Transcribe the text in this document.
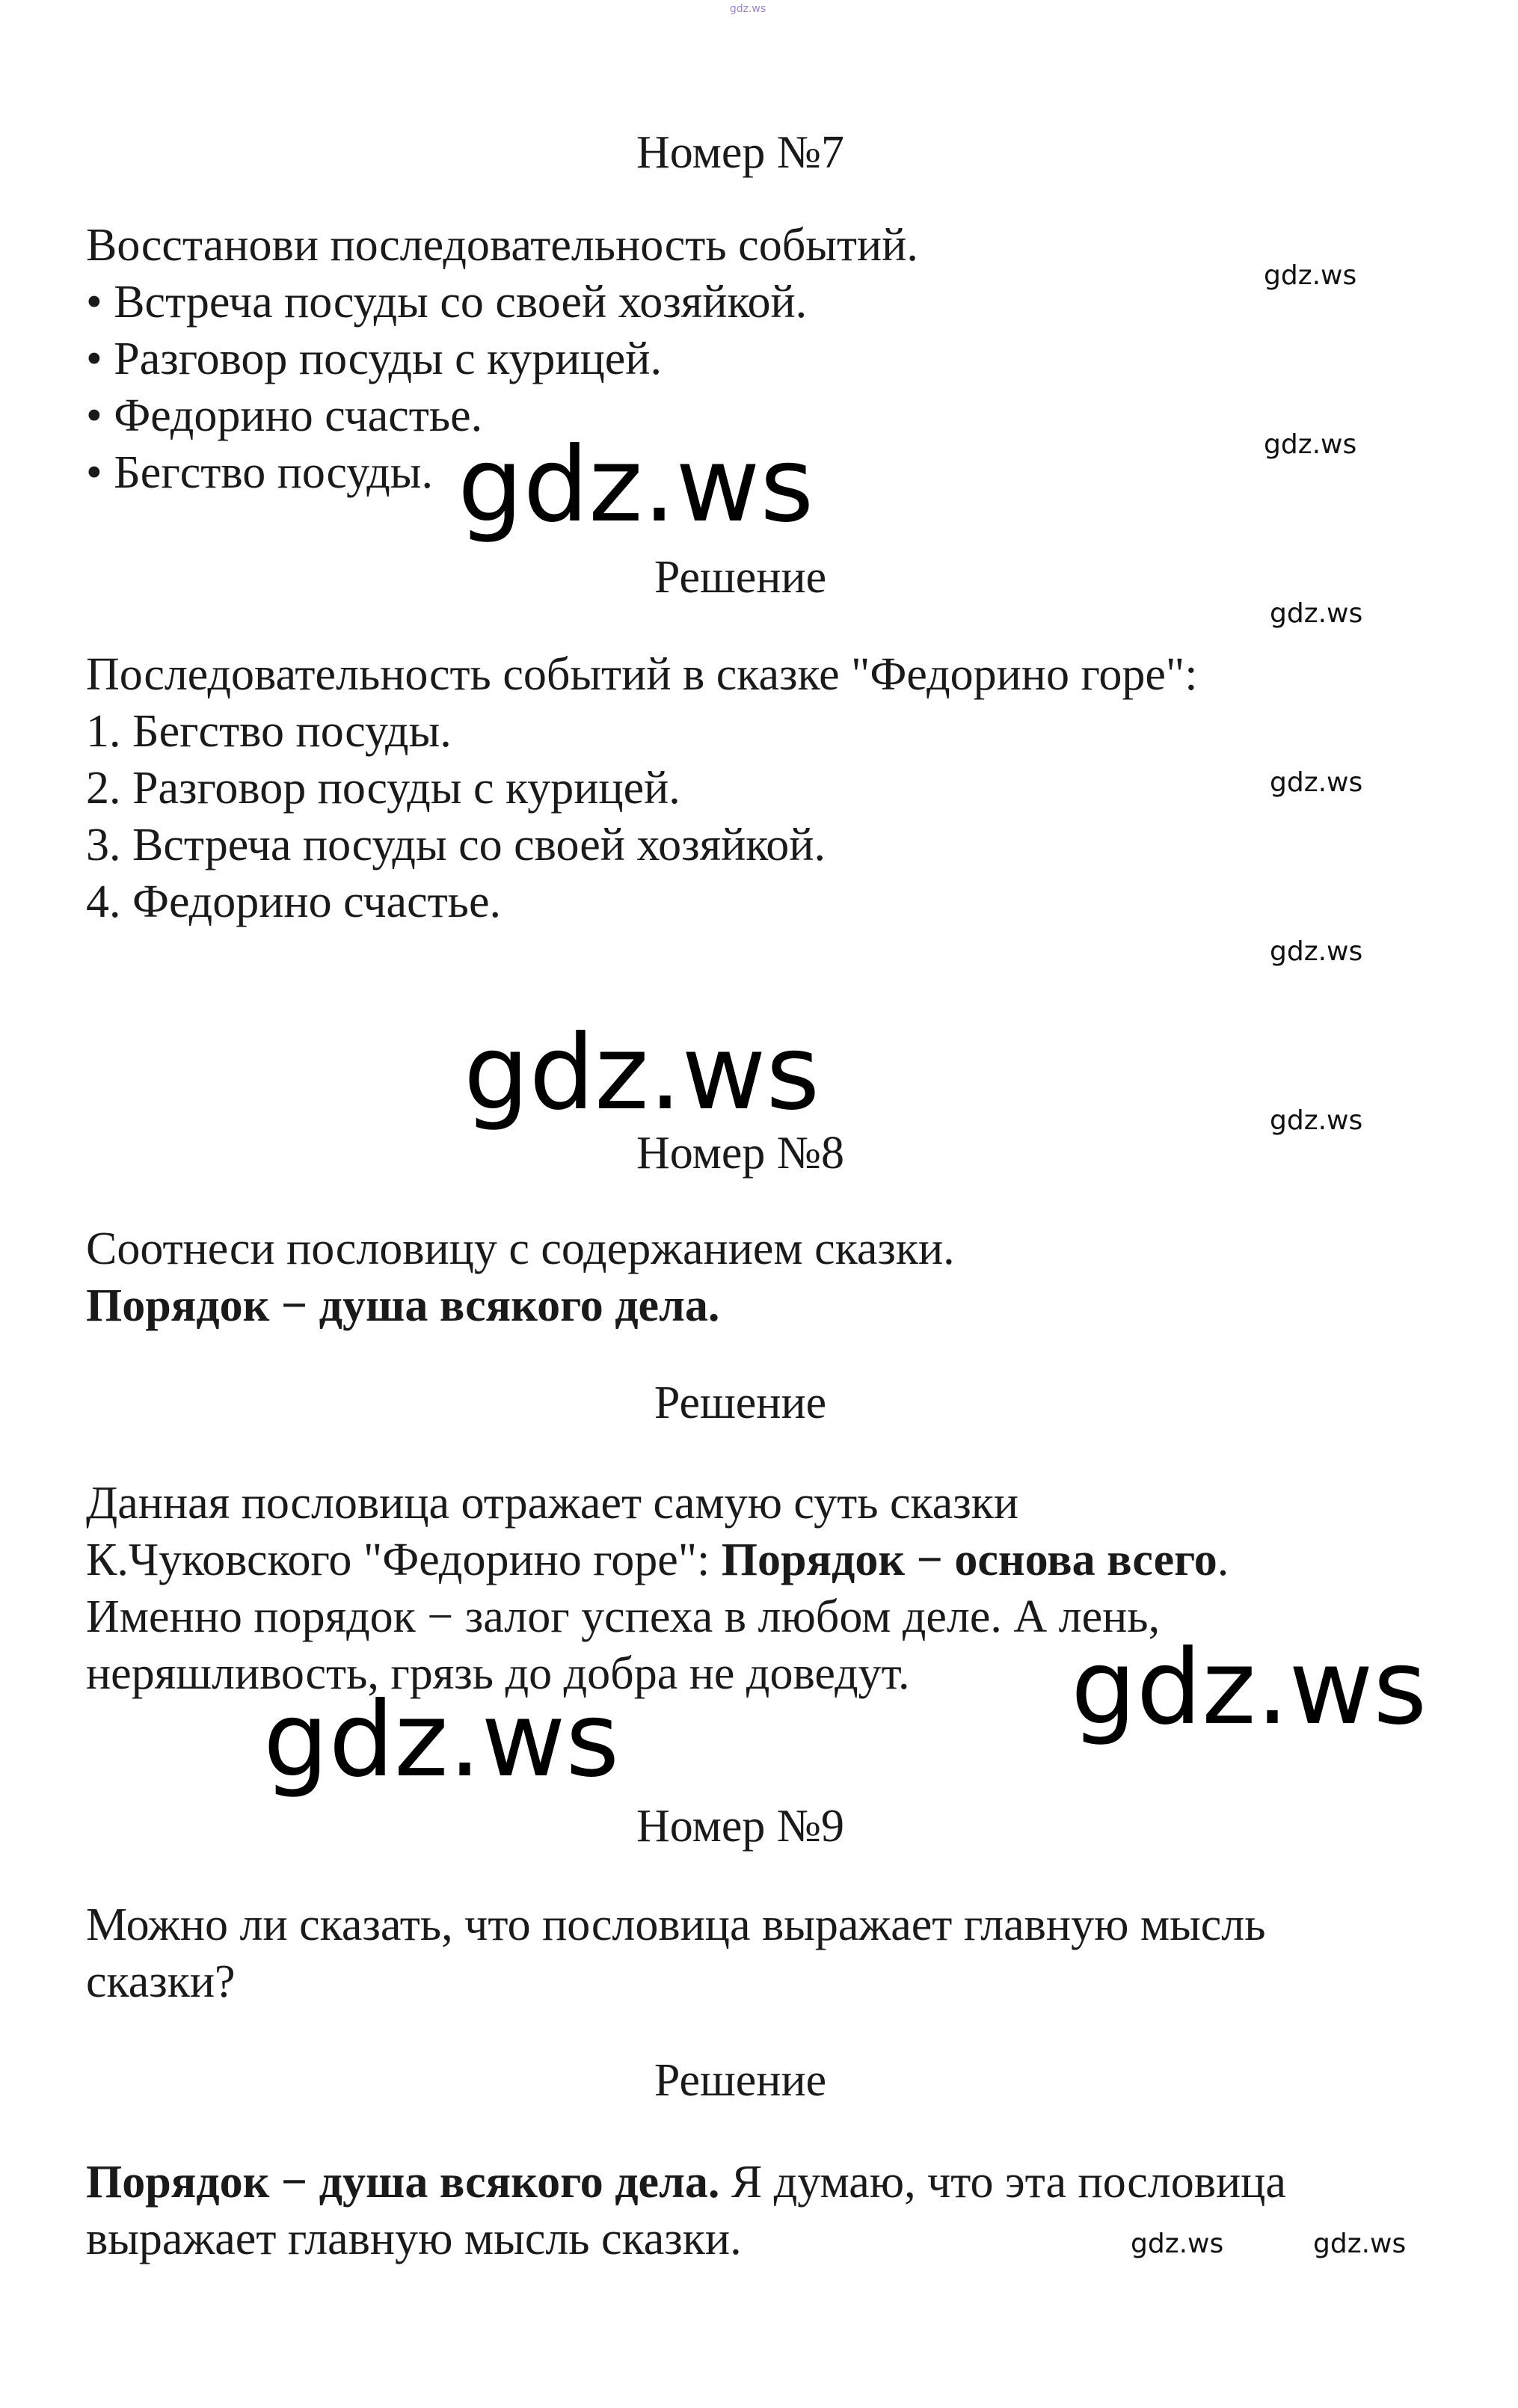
gdz.ws
Номер №7
Восстанови последовательность событий.
• Встреча посуды со своей хозяйкой.
• Разговор посуды с курицей.
• Федорино счастье.
• Бегство посуды.
Решение
Последовательность событий в сказке "Федорино горе":
1. Бегство посуды.
2. Разговор посуды с курицей.
3. Встреча посуды со своей хозяйкой.
4. Федорино счастье.
Номер №8
Соотнеси пословицу с содержанием сказки.
Порядок − душа всякого дела.
Решение
Данная пословица отражает самую суть сказки
К.Чуковского "Федорино горе": Порядок − основа всего.
Именно порядок − залог успеха в любом деле. А лень,
неряшливость, грязь до добра не доведут.
Номер №9
Можно ли сказать, что пословица выражает главную мысль
сказки?
Решение
Порядок − душа всякого дела. Я думаю, что эта пословица
выражает главную мысль сказки.
gdz.ws
gdz.ws
gdz.ws
gdz.ws
gdz.ws
gdz.ws
gdz.ws	gdz.ws
gdz.ws
gdz.ws
gdz.ws
gdz.ws
